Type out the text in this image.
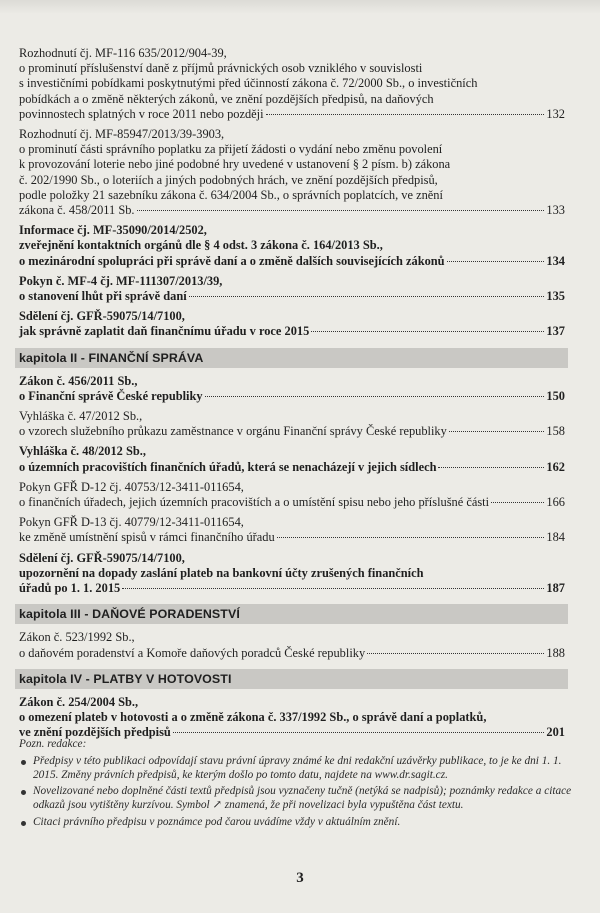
Rozhodnutí čj. MF-116 635/2012/904-39,
o prominutí příslušenství daně z příjmů právnických osob vzniklého v souvislosti
s investičními pobídkami poskytnutými před účinností zákona č. 72/2000 Sb., o investičních
pobídkách a o změně některých zákonů, ve znění pozdějších předpisů, na daňových
povinnostech splatných v roce 2011 nebo později	132
Rozhodnutí čj. MF-85947/2013/39-3903,
o prominutí části správního poplatku za přijetí žádosti o vydání nebo změnu povolení
k provozování loterie nebo jiné podobné hry uvedené v ustanovení § 2 písm. b) zákona
č. 202/1990 Sb., o loteriích a jiných podobných hrách, ve znění pozdějších předpisů,
podle položky 21 sazebníku zákona č. 634/2004 Sb., o správních poplatcích, ve znění
zákona č. 458/2011 Sb.	133
Informace čj. MF-35090/2014/2502,
zveřejnění kontaktních orgánů dle § 4 odst. 3 zákona č. 164/2013 Sb.,
o mezinárodní spolupráci při správě daní a o změně dalších souvisejících zákonů	134
Pokyn č. MF-4 čj. MF-111307/2013/39,
o stanovení lhůt při správě daní	135
Sdělení čj. GFŘ-59075/14/7100,
jak správně zaplatit daň finančnímu úřadu v roce 2015	137
kapitola II - FINANČNÍ SPRÁVA
Zákon č. 456/2011 Sb.,
o Finanční správě České republiky	150
Vyhláška č. 47/2012 Sb.,
o vzorech služebního průkazu zaměstnance v orgánu Finanční správy České republiky	158
Vyhláška č. 48/2012 Sb.,
o územních pracovištích finančních úřadů, která se nenacházejí v jejich sídlech	162
Pokyn GFŘ D-12 čj. 40753/12-3411-011654,
o finančních úřadech, jejich územních pracovištích a o umístění spisu nebo jeho příslušné části	166
Pokyn GFŘ D-13 čj. 40779/12-3411-011654,
ke změně umístnění spisů v rámci finančního úřadu	184
Sdělení čj. GFŘ-59075/14/7100,
upozornění na dopady zaslání plateb na bankovní účty zrušených finančních
úřadů po 1. 1. 2015	187
kapitola III - DAŇOVÉ PORADENSTVÍ
Zákon č. 523/1992 Sb.,
o daňovém poradenství a Komoře daňových poradců České republiky	188
kapitola IV - PLATBY V HOTOVOSTI
Zákon č. 254/2004 Sb.,
o omezení plateb v hotovosti a o změně zákona č. 337/1992 Sb., o správě daní a poplatků,
ve znění pozdějších předpisů	201
Pozn. redakce:
Předpisy v této publikaci odpovídají stavu právní úpravy známé ke dni redakční uzávěrky publikace, to je ke dni 1. 1. 2015. Změny právních předpisů, ke kterým došlo po tomto datu, najdete na www.dr.sagit.cz.
Novelizované nebo doplněné části textů předpisů jsou vyznačeny tučně (netýká se nadpisů); poznámky redakce a citace odkazů jsou vytištěny kurzívou. Symbol ↗ znamená, že při novelizaci byla vypuštěna část textu.
Citaci právního předpisu v poznámce pod čarou uvádíme vždy v aktuálním znění.
3
